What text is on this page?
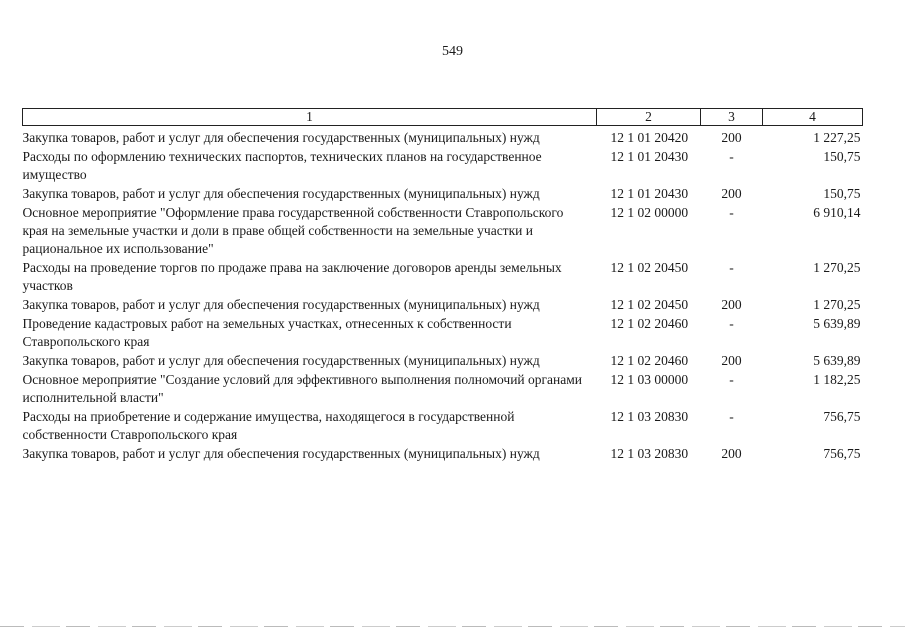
549
1	2	3	4
Закупка товаров, работ и услуг для обеспечения государственных (муниципальных) нужд	12 1 01 20420	200	1 227,25
Расходы по оформлению технических паспортов, технических планов на государственное имущество	12 1 01 20430	-	150,75
Закупка товаров, работ и услуг для обеспечения государственных (муниципальных) нужд	12 1 01 20430	200	150,75
Основное мероприятие "Оформление права государственной собственности Ставропольского края на земельные участки и доли в праве общей собственности на земельные участки и рациональное их использование"	12 1 02 00000	-	6 910,14
Расходы на проведение торгов по продаже права на заключение договоров аренды земельных участков	12 1 02 20450	-	1 270,25
Закупка товаров, работ и услуг для обеспечения государственных (муниципальных) нужд	12 1 02 20450	200	1 270,25
Проведение кадастровых работ на земельных участках, отнесенных к собственности Ставропольского края	12 1 02 20460	-	5 639,89
Закупка товаров, работ и услуг для обеспечения государственных (муниципальных) нужд	12 1 02 20460	200	5 639,89
Основное мероприятие "Создание условий для эффективного выполнения полномочий органами исполнительной власти"	12 1 03 00000	-	1 182,25
Расходы на приобретение и содержание имущества, находящегося в государственной собственности Ставропольского края	12 1 03 20830	-	756,75
Закупка товаров, работ и услуг для обеспечения государственных (муниципальных) нужд	12 1 03 20830	200	756,75
